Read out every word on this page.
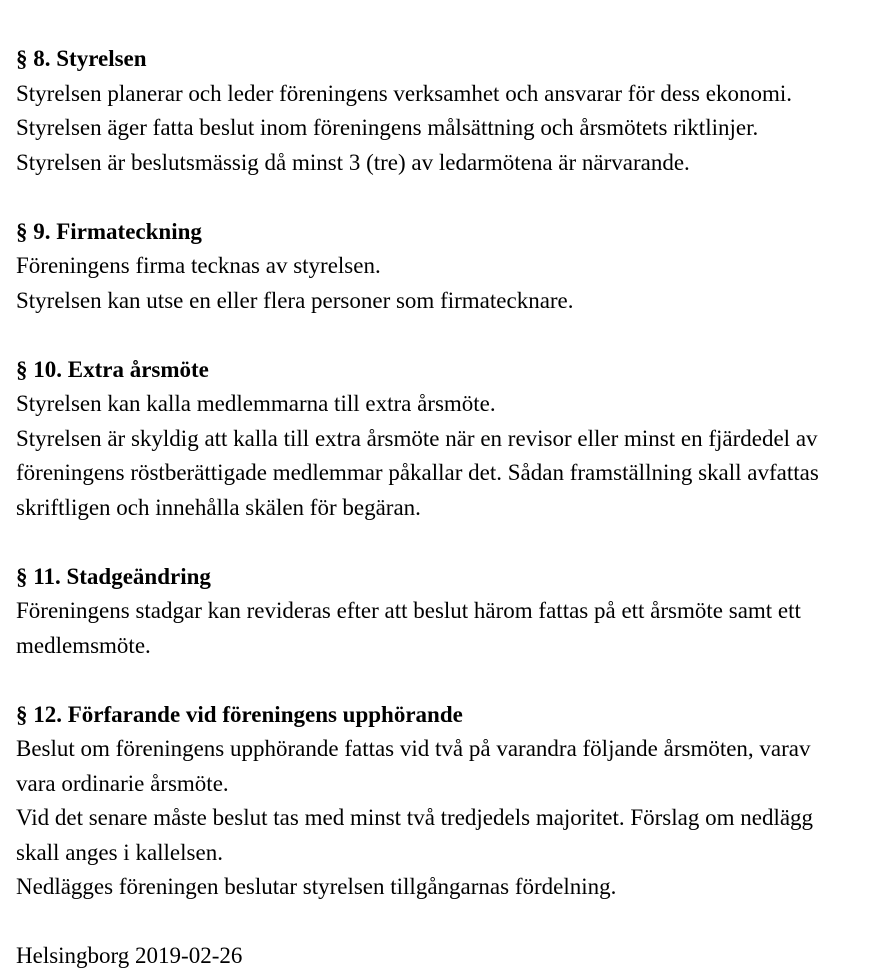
§ 8. Styrelsen

Styrelsen planerar och leder föreningens verksamhet och ansvarar för dess ekonomi.

Styrelsen äger fatta beslut inom föreningens målsättning och årsmötets riktlinjer.

Styrelsen är beslutsmässig då minst 3 (tre) av ledarmötena är närvarande.

§ 9. Firmateckning

Föreningens firma tecknas av styrelsen.

Styrelsen kan utse en eller flera personer som firmatecknare.

§ 10. Extra årsmöte

Styrelsen kan kalla medlemmarna till extra årsmöte.

Styrelsen är skyldig att kalla till extra årsmöte när en revisor eller minst en fjärdedel av

föreningens röstberättigade medlemmar påkallar det. Sådan framställning skall avfattas

skriftligen och innehålla skälen för begäran.

§ 11. Stadgeändring

Föreningens stadgar kan revideras efter att beslut härom fattas på ett årsmöte samt ett

medlemsmöte.

§ 12. Förfarande vid föreningens upphörande

Beslut om föreningens upphörande fattas vid två på varandra följande årsmöten, varav

vara ordinarie årsmöte.

Vid det senare måste beslut tas med minst två tredjedels majoritet. Förslag om nedlägg

skall anges i kallelsen.

Nedlägges föreningen beslutar styrelsen tillgångarnas fördelning.

Helsingborg 2019-02-26
